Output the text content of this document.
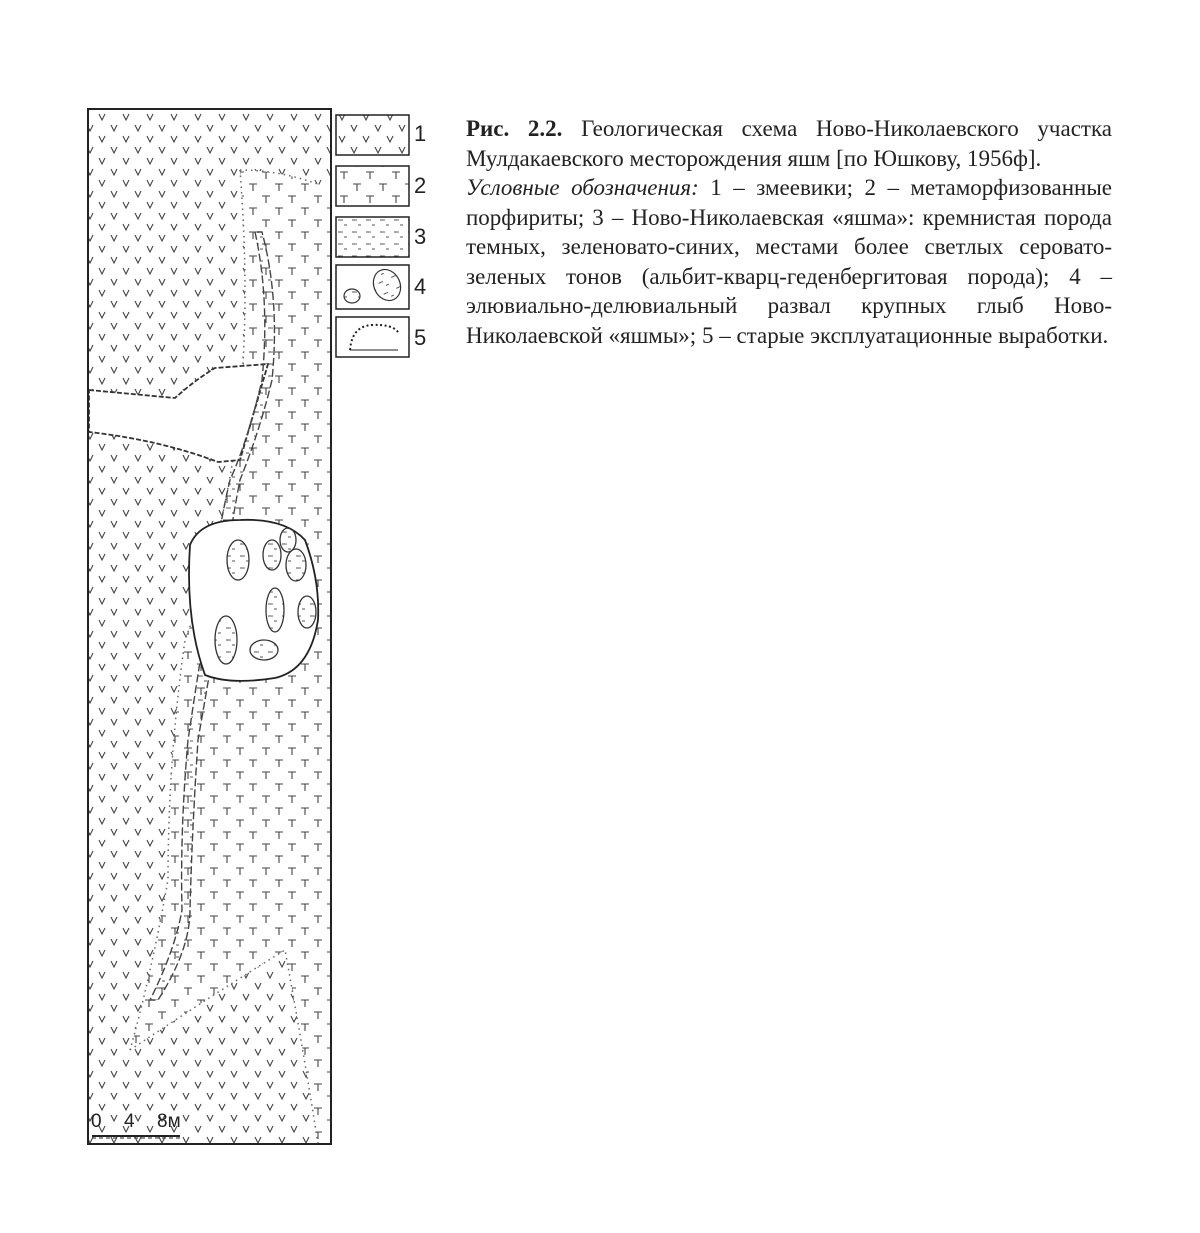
1
2
3
4
5
0 4 8м
Рис. 2.2. Геологическая схема Ново-Николаевского участка Мулдакаевского месторождения яшм [по Юшкову, 1956ф].
Условные обозначения: 1 – змеевики; 2 – метаморфизованные порфириты; 3 – Ново-Николаевская «яшма»: кремнистая порода темных, зеленовато-синих, местами более светлых серовато-зеленых тонов (альбит-кварц-геденбергитовая порода); 4 – элювиально-делювиальный развал крупных глыб Ново-Николаевской «яшмы»; 5 – старые эксплуатационные выработки.
